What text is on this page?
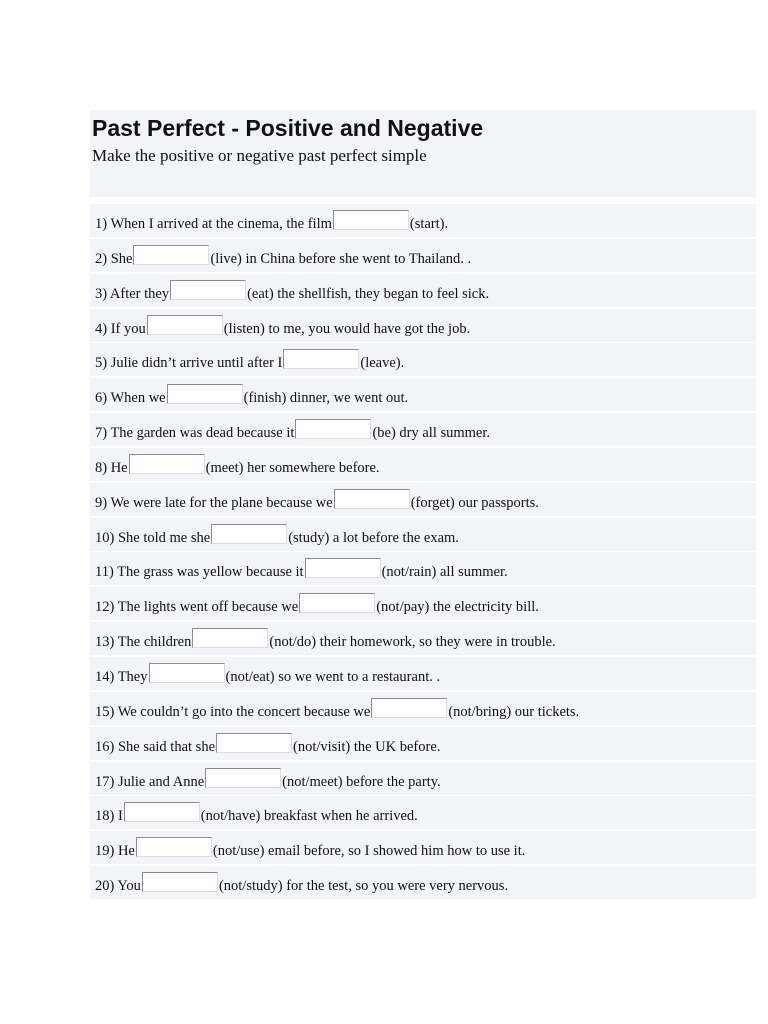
Past Perfect - Positive and Negative
Make the positive or negative past perfect simple
1) When I arrived at the cinema, the film	(start).
2) She	(live) in China before she went to Thailand. .
3) After they	(eat) the shellfish, they began to feel sick.
4) If you	(listen) to me, you would have got the job.
5) Julie didn’t arrive until after I	(leave).
6) When we	(finish) dinner, we went out.
7) The garden was dead because it	(be) dry all summer.
8) He	(meet) her somewhere before.
9) We were late for the plane because we	(forget) our passports.
10) She told me she	(study) a lot before the exam.
11) The grass was yellow because it	(not/rain) all summer.
12) The lights went off because we	(not/pay) the electricity bill.
13) The children	(not/do) their homework, so they were in trouble.
14) They	(not/eat) so we went to a restaurant. .
15) We couldn’t go into the concert because we	(not/bring) our tickets.
16) She said that she	(not/visit) the UK before.
17) Julie and Anne	(not/meet) before the party.
18) I	(not/have) breakfast when he arrived.
19) He	(not/use) email before, so I showed him how to use it.
20) You	(not/study) for the test, so you were very nervous.
